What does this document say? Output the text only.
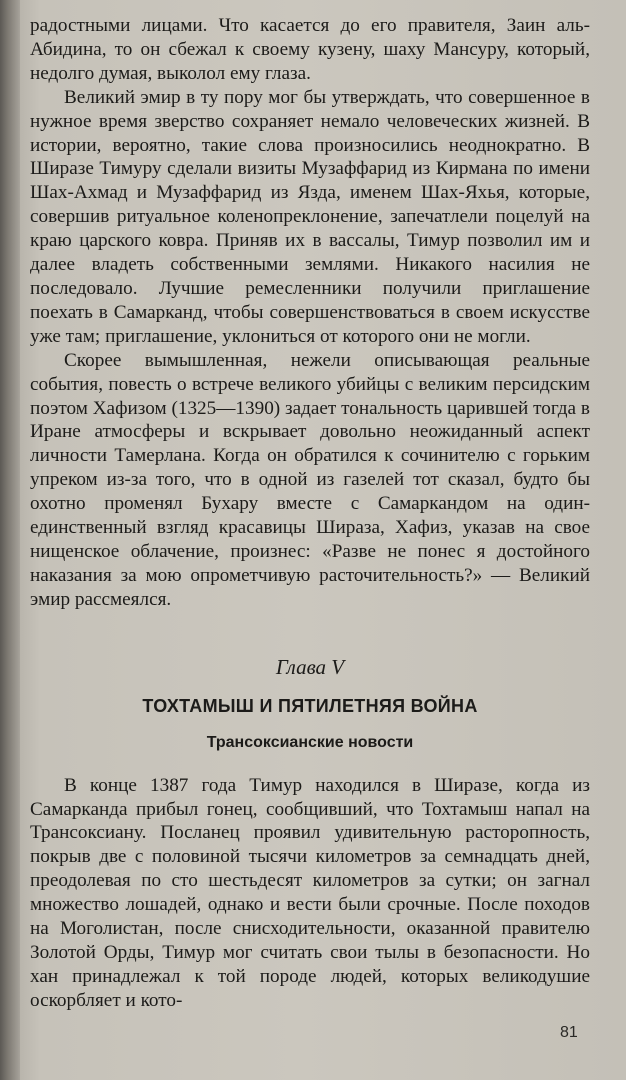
радостными лицами. Что касается до его правителя, Заин аль-Абидина, то он сбежал к своему кузену, шаху Мансуру, который, недолго думая, выколол ему глаза.

Великий эмир в ту пору мог бы утверждать, что совершенное в нужное время зверство сохраняет немало человеческих жизней. В истории, вероятно, такие слова произносились неоднократно. В Ширазе Тимуру сделали визиты Музаффарид из Кирмана по имени Шах-Ахмад и Музаффарид из Язда, именем Шах-Яхья, которые, совершив ритуальное коленопреклонение, запечатлели поцелуй на краю царского ковра. Приняв их в вассалы, Тимур позволил им и далее владеть собственными землями. Никакого насилия не последовало. Лучшие ремесленники получили приглашение поехать в Самарканд, чтобы совершенствоваться в своем искусстве уже там; приглашение, уклониться от которого они не могли.

Скорее вымышленная, нежели описывающая реальные события, повесть о встрече великого убийцы с великим персидским поэтом Хафизом (1325—1390) задает тональность царившей тогда в Иране атмосферы и вскрывает довольно неожиданный аспект личности Тамерлана. Когда он обратился к сочинителю с горьким упреком из-за того, что в одной из газелей тот сказал, будто бы охотно променял Бухару вместе с Самаркандом на один-единственный взгляд красавицы Шираза, Хафиз, указав на свое нищенское облачение, произнес: «Разве не понес я достойного наказания за мою опрометчивую расточительность?» — Великий эмир рассмеялся.

Глава V
ТОХТАМЫШ И ПЯТИЛЕТНЯЯ ВОЙНА
Трансоксианские новости

В конце 1387 года Тимур находился в Ширазе, когда из Самарканда прибыл гонец, сообщивший, что Тохтамыш напал на Трансоксиану. Посланец проявил удивительную расторопность, покрыв две с половиной тысячи километров за семнадцать дней, преодолевая по сто шестьдесят километров за сутки; он загнал множество лошадей, однако и вести были срочные. После походов на Моголистан, после снисходительности, оказанной правителю Золотой Орды, Тимур мог считать свои тылы в безопасности. Но хан принадлежал к той породе людей, которых великодушие оскорбляет и кото-

81
